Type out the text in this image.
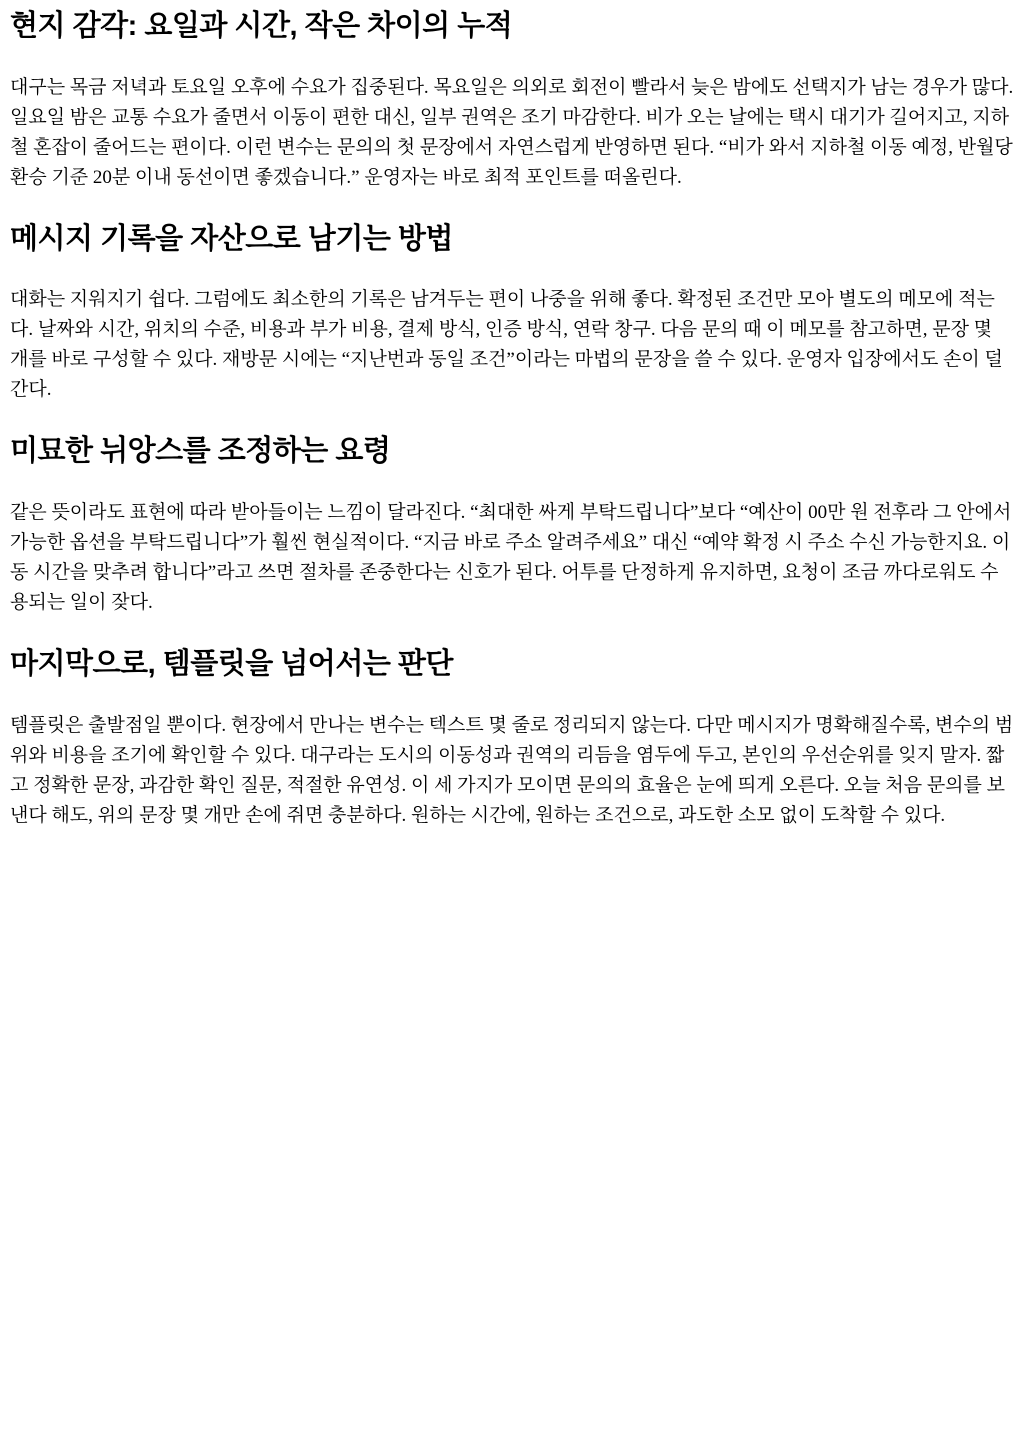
현지 감각: 요일과 시간, 작은 차이의 누적

대구는 목금 저녁과 토요일 오후에 수요가 집중된다. 목요일은 의외로 회전이 빨라서 늦은 밤에도 선택지가 남는 경우가 많다. 일요일 밤은 교통 수요가 줄면서 이동이 편한 대신, 일부 권역은 조기 마감한다. 비가 오는 날에는 택시 대기가 길어지고, 지하철 혼잡이 줄어드는 편이다. 이런 변수는 문의의 첫 문장에서 자연스럽게 반영하면 된다. “비가 와서 지하철 이동 예정, 반월당 환승 기준 20분 이내 동선이면 좋겠습니다.” 운영자는 바로 최적 포인트를 떠올린다.

메시지 기록을 자산으로 남기는 방법

대화는 지워지기 쉽다. 그럼에도 최소한의 기록은 남겨두는 편이 나중을 위해 좋다. 확정된 조건만 모아 별도의 메모에 적는다. 날짜와 시간, 위치의 수준, 비용과 부가 비용, 결제 방식, 인증 방식, 연락 창구. 다음 문의 때 이 메모를 참고하면, 문장 몇 개를 바로 구성할 수 있다. 재방문 시에는 “지난번과 동일 조건”이라는 마법의 문장을 쓸 수 있다. 운영자 입장에서도 손이 덜 간다.

미묘한 뉘앙스를 조정하는 요령

같은 뜻이라도 표현에 따라 받아들이는 느낌이 달라진다. “최대한 싸게 부탁드립니다”보다 “예산이 00만 원 전후라 그 안에서 가능한 옵션을 부탁드립니다”가 훨씬 현실적이다. “지금 바로 주소 알려주세요” 대신 “예약 확정 시 주소 수신 가능한지요. 이동 시간을 맞추려 합니다”라고 쓰면 절차를 존중한다는 신호가 된다. 어투를 단정하게 유지하면, 요청이 조금 까다로워도 수용되는 일이 잦다.

마지막으로, 템플릿을 넘어서는 판단

템플릿은 출발점일 뿐이다. 현장에서 만나는 변수는 텍스트 몇 줄로 정리되지 않는다. 다만 메시지가 명확해질수록, 변수의 범위와 비용을 조기에 확인할 수 있다. 대구라는 도시의 이동성과 권역의 리듬을 염두에 두고, 본인의 우선순위를 잊지 말자. 짧고 정확한 문장, 과감한 확인 질문, 적절한 유연성. 이 세 가지가 모이면 문의의 효율은 눈에 띄게 오른다. 오늘 처음 문의를 보낸다 해도, 위의 문장 몇 개만 손에 쥐면 충분하다. 원하는 시간에, 원하는 조건으로, 과도한 소모 없이 도착할 수 있다.
